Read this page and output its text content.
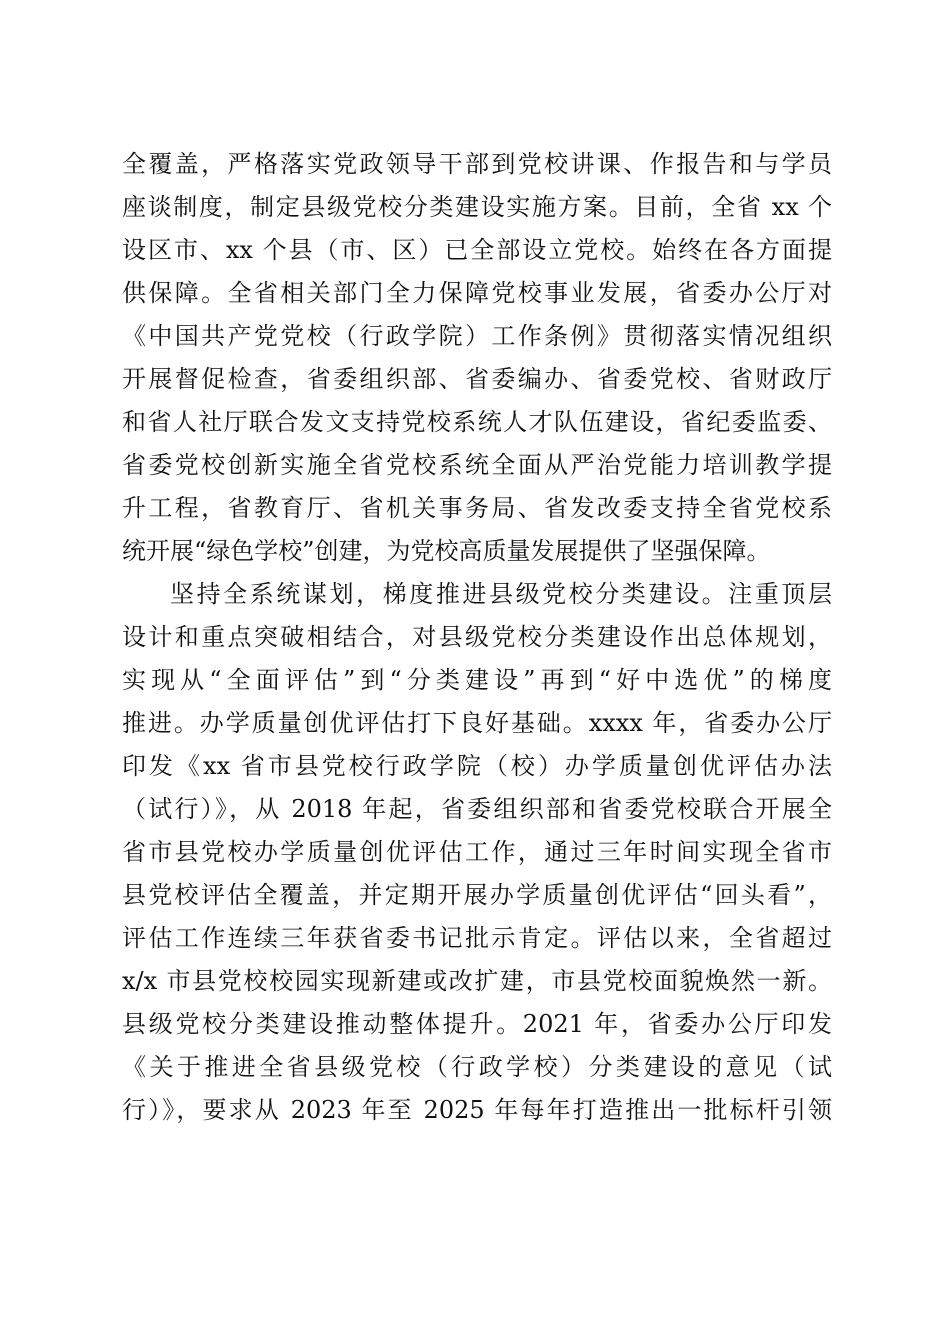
全覆盖，严格落实党政领导干部到党校讲课、作报告和与学员
座谈制度，制定县级党校分类建设实施方案。目前，全省 xx 个
设区市、xx 个县（市、区）已全部设立党校。始终在各方面提
供保障。全省相关部门全力保障党校事业发展，省委办公厅对
《中国共产党党校（行政学院）工作条例》贯彻落实情况组织
开展督促检查，省委组织部、省委编办、省委党校、省财政厅
和省人社厅联合发文支持党校系统人才队伍建设，省纪委监委、
省委党校创新实施全省党校系统全面从严治党能力培训教学提
升工程，省教育厅、省机关事务局、省发改委支持全省党校系
统开展“绿色学校”创建，为党校高质量发展提供了坚强保障。
坚持全系统谋划，梯度推进县级党校分类建设。注重顶层
设计和重点突破相结合，对县级党校分类建设作出总体规划，
实现从“全面评估”到“分类建设”再到“好中选优”的梯度
推进。办学质量创优评估打下良好基础。xxxx 年，省委办公厅
印发《xx 省市县党校行政学院（校）办学质量创优评估办法
（试行）》，从 2018 年起，省委组织部和省委党校联合开展全
省市县党校办学质量创优评估工作，通过三年时间实现全省市
县党校评估全覆盖，并定期开展办学质量创优评估“回头看”，
评估工作连续三年获省委书记批示肯定。评估以来，全省超过
x/x 市县党校校园实现新建或改扩建，市县党校面貌焕然一新。
县级党校分类建设推动整体提升。2021 年，省委办公厅印发
《关于推进全省县级党校（行政学校）分类建设的意见（试
行）》，要求从 2023 年至 2025 年每年打造推出一批标杆引领
